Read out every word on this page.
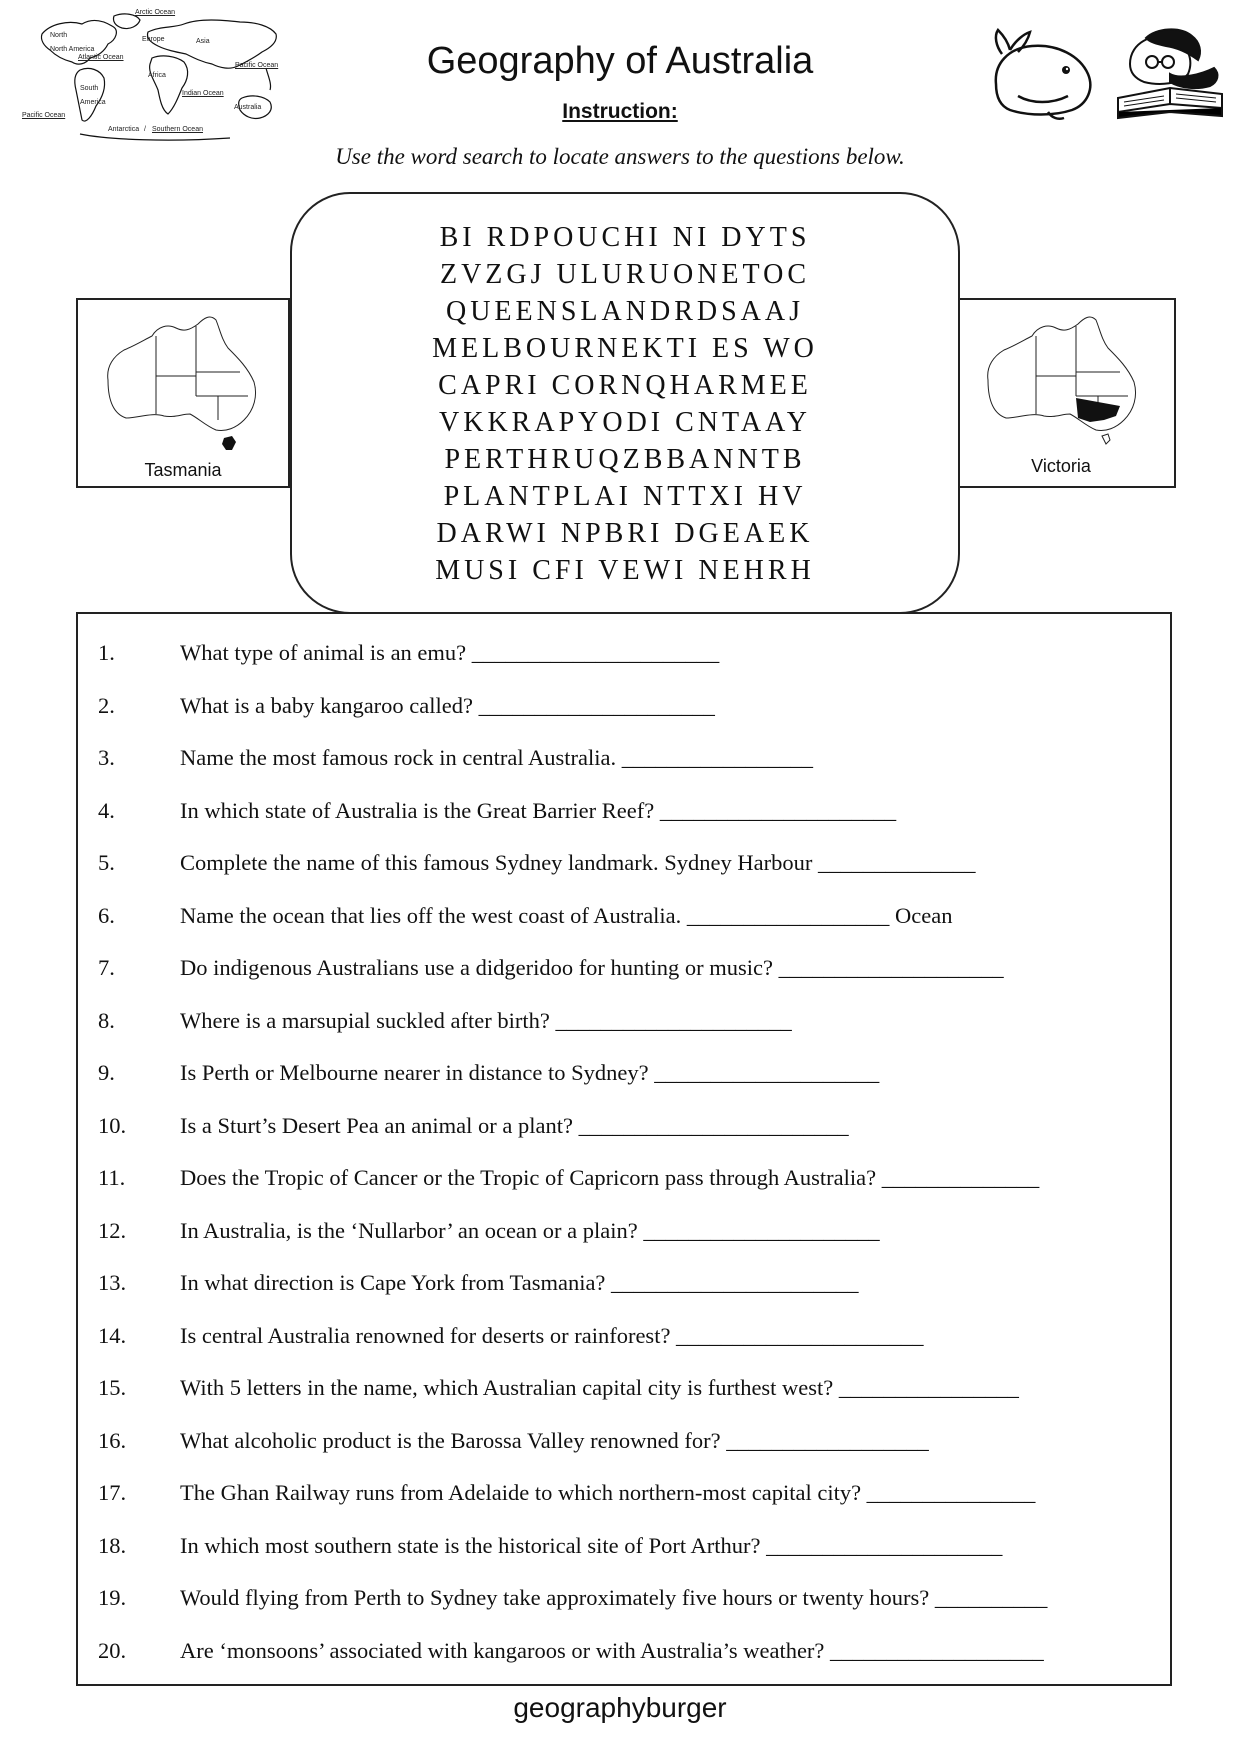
Arctic Ocean
North
North America
Europe	Asia
Atlantic Ocean
Pacific Ocean
Africa
South America
Indian Ocean
Australia
Pacific Ocean
Antarctica / Southern Ocean
Geography of Australia
Instruction:
Use the word search to locate answers to the questions below.
Tasmania	Victoria
BI RDPOUCHI NI DYTS
ZVZGJ ULURUONETOC
QUEENSLANDRDSAAJ
MELBOURNEKTI ES WO
CAPRI CORNQHARMEE
VKKRAPYODI CNTAAY
PERTHRUQZBBANNTB
PLANTPLAI NTTXI HV
DARWI NPBRI DGEAEK
MUSI CFI VEWI NEHRH
1.	What type of animal is an emu? ______________________
2.	What is a baby kangaroo called? _____________________
3.	Name the most famous rock in central Australia. _________________
4.	In which state of Australia is the Great Barrier Reef? _____________________
5.	Complete the name of this famous Sydney landmark. Sydney Harbour ______________
6.	Name the ocean that lies off the west coast of Australia. __________________ Ocean
7.	Do indigenous Australians use a didgeridoo for hunting or music? ____________________
8.	Where is a marsupial suckled after birth? _____________________
9.	Is Perth or Melbourne nearer in distance to Sydney? ____________________
10. Is a Sturt’s Desert Pea an animal or a plant? ________________________
11. Does the Tropic of Cancer or the Tropic of Capricorn pass through Australia? ______________
12. In Australia, is the ‘Nullarbor’ an ocean or a plain? _____________________
13. In what direction is Cape York from Tasmania? ______________________
14. Is central Australia renowned for deserts or rainforest? ______________________
15. With 5 letters in the name, which Australian capital city is furthest west? ________________
16. What alcoholic product is the Barossa Valley renowned for? __________________
17. The Ghan Railway runs from Adelaide to which northern-most capital city? _______________
18. In which most southern state is the historical site of Port Arthur? _____________________
19. Would flying from Perth to Sydney take approximately five hours or twenty hours? __________
20. Are ‘monsoons’ associated with kangaroos or with Australia’s weather? ___________________
geographyburger
